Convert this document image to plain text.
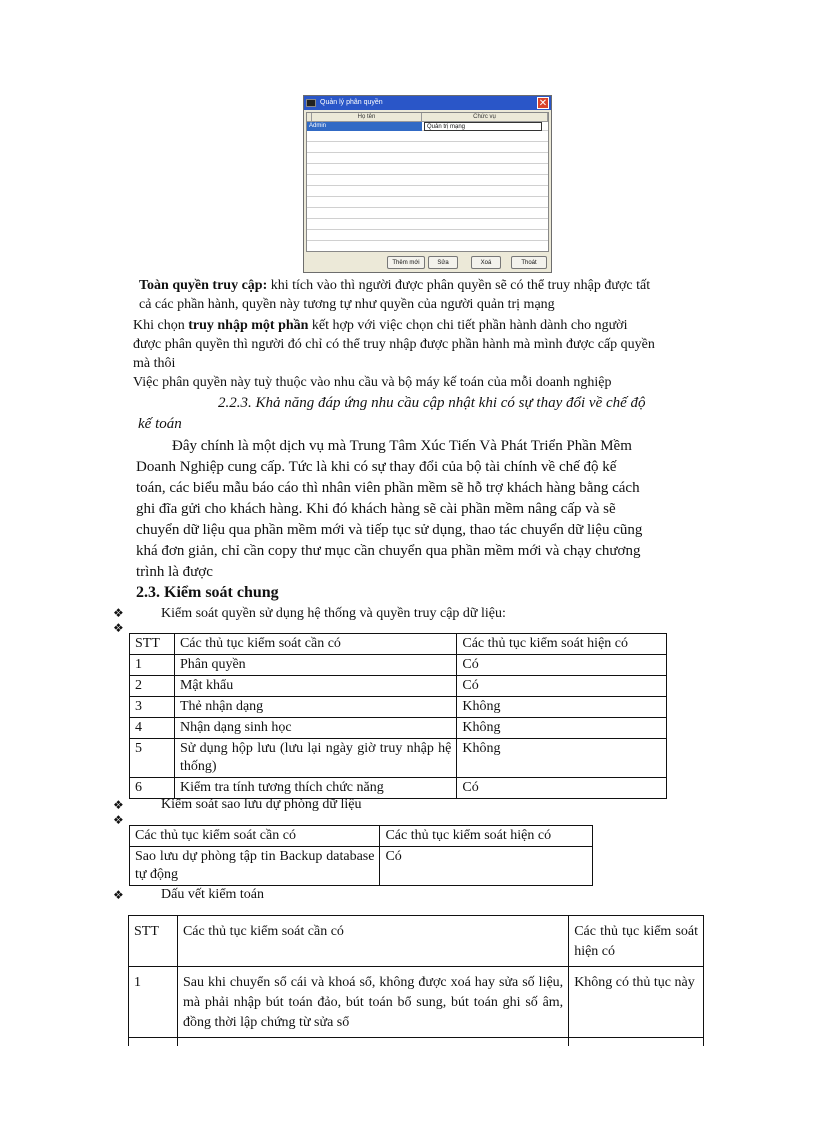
Quản lý phân quyền	✕
Họ tên	Chức vụ
Admin	Quản trị mạng
Thêm mới	Sửa	Xoá	Thoát

Toàn quyền truy cập: khi tích vào thì người được phân quyền sẽ có thể truy nhập được tất

cả các phần hành, quyền này tương tự như quyền của người quản trị mạng

Khi chọn truy nhập một phần kết hợp với việc chọn chi tiết phần hành dành cho người

được phân quyền thì người đó chỉ có thể truy nhập được phần hành mà mình được cấp quyền

mà thôi

Việc phân quyền này tuỳ thuộc vào nhu cầu và bộ máy kế toán của mỗi doanh nghiệp

2.2.3. Khả năng đáp ứng nhu cầu cập nhật khi có sự thay đổi về chế độ

kế toán

Đây chính là một dịch vụ mà Trung Tâm Xúc Tiến Và Phát Triển Phần Mềm

Doanh Nghiệp cung cấp. Tức là khi có sự thay đổi của bộ tài chính về chế độ kế

toán, các biểu mẫu báo cáo thì nhân viên phần mềm sẽ hỗ trợ khách hàng bằng cách

ghi đĩa gửi cho khách hàng. Khi đó khách hàng sẽ cài phần mềm nâng cấp và sẽ

chuyển dữ liệu qua phần mềm mới và tiếp tục sử dụng, thao tác chuyển dữ liệu cũng

khá đơn giản, chỉ cần copy thư mục cần chuyển qua phần mềm mới và chạy chương

trình là được

2.3. Kiểm soát chung

❖	Kiểm soát quyền sử dụng hệ thống và quyền truy cập dữ liệu:

❖
STT	Các thủ tục kiểm soát cần có	Các thủ tục kiểm soát hiện có
1	Phân quyền	Có
2	Mật khẩu	Có
3	Thẻ nhận dạng	Không
4	Nhận dạng sinh học	Không
5	Sử dụng hộp lưu (lưu lại ngày giờ truy nhập hệ thống)	Không
6	Kiểm tra tính tương thích chức năng	Có
❖	Kiểm soát sao lưu dự phòng dữ liệu

❖
Các thủ tục kiểm soát cần có	Các thủ tục kiểm soát hiện có
Sao lưu dự phòng tập tin Backup database tự động	Có
❖	Dấu vết kiểm toán

STT	Các thủ tục kiểm soát cần có	Các thủ tục kiểm soát hiện có
1	Sau khi chuyển sổ cái và khoá sổ, không được xoá hay sửa số liệu, mà phải nhập bút toán đảo, bút toán bổ sung, bút toán ghi số âm, đồng thời lập chứng từ sửa sổ	Không có thủ tục này
